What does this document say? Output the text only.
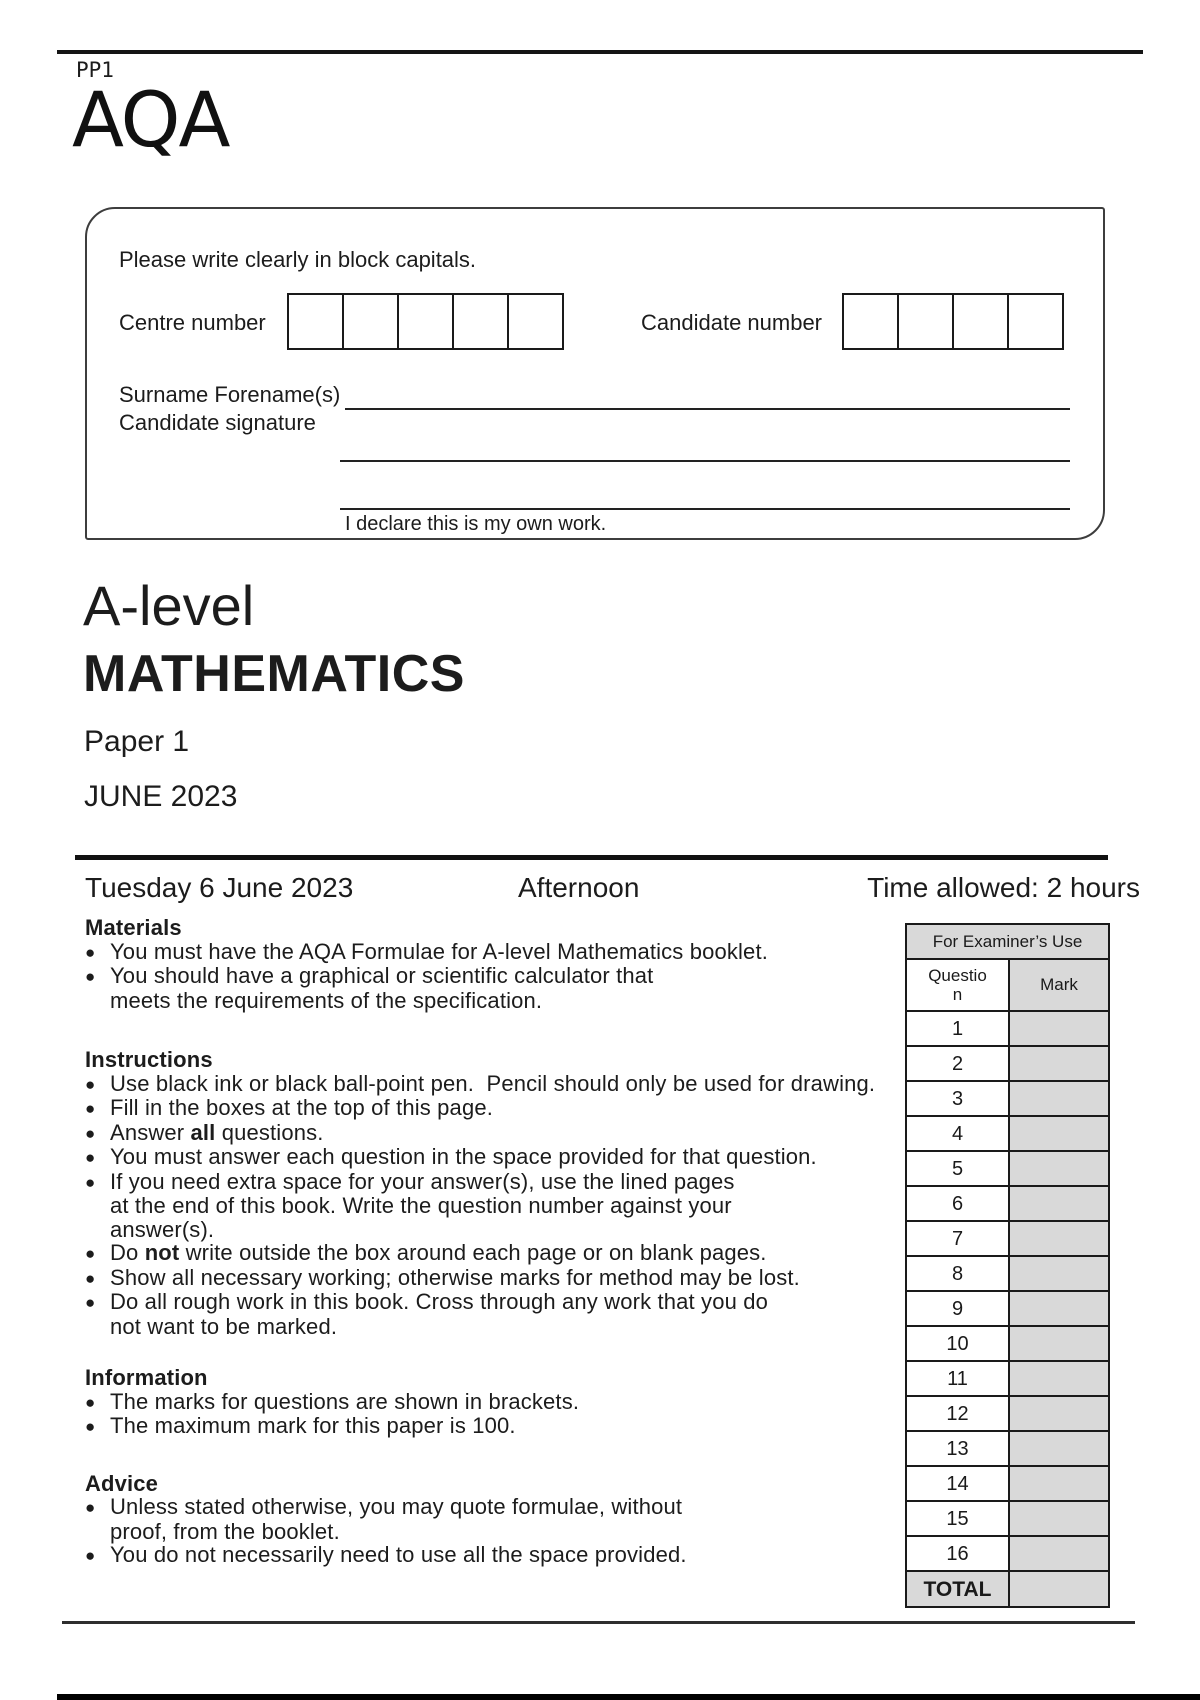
PP1
AQA
Please write clearly in block capitals.
Centre number	Candidate number
Surname Forename(s)
Candidate signature
I declare this is my own work.
A-level
MATHEMATICS
Paper 1
JUNE 2023
Tuesday 6 June 2023	Afternoon	Time allowed: 2 hours
Materials
● You must have the AQA Formulae for A-level Mathematics booklet.
● You should have a graphical or scientific calculator that
meets the requirements of the specification.
Instructions
● Use black ink or black ball-point pen.  Pencil should only be used for drawing.
● Fill in the boxes at the top of this page.
● Answer all questions.
● You must answer each question in the space provided for that question.
● If you need extra space for your answer(s), use the lined pages
at the end of this book. Write the question number against your
answer(s).
● Do not write outside the box around each page or on blank pages.
● Show all necessary working; otherwise marks for method may be lost.
● Do all rough work in this book. Cross through any work that you do
not want to be marked.
Information
● The marks for questions are shown in brackets.
● The maximum mark for this paper is 100.
Advice
● Unless stated otherwise, you may quote formulae, without
proof, from the booklet.
● You do not necessarily need to use all the space provided.
For Examiner’s Use
Questio
n
Mark
1
2
3
4
5
6
7
8
9
10
11
12
13
14
15
16
TOTAL
